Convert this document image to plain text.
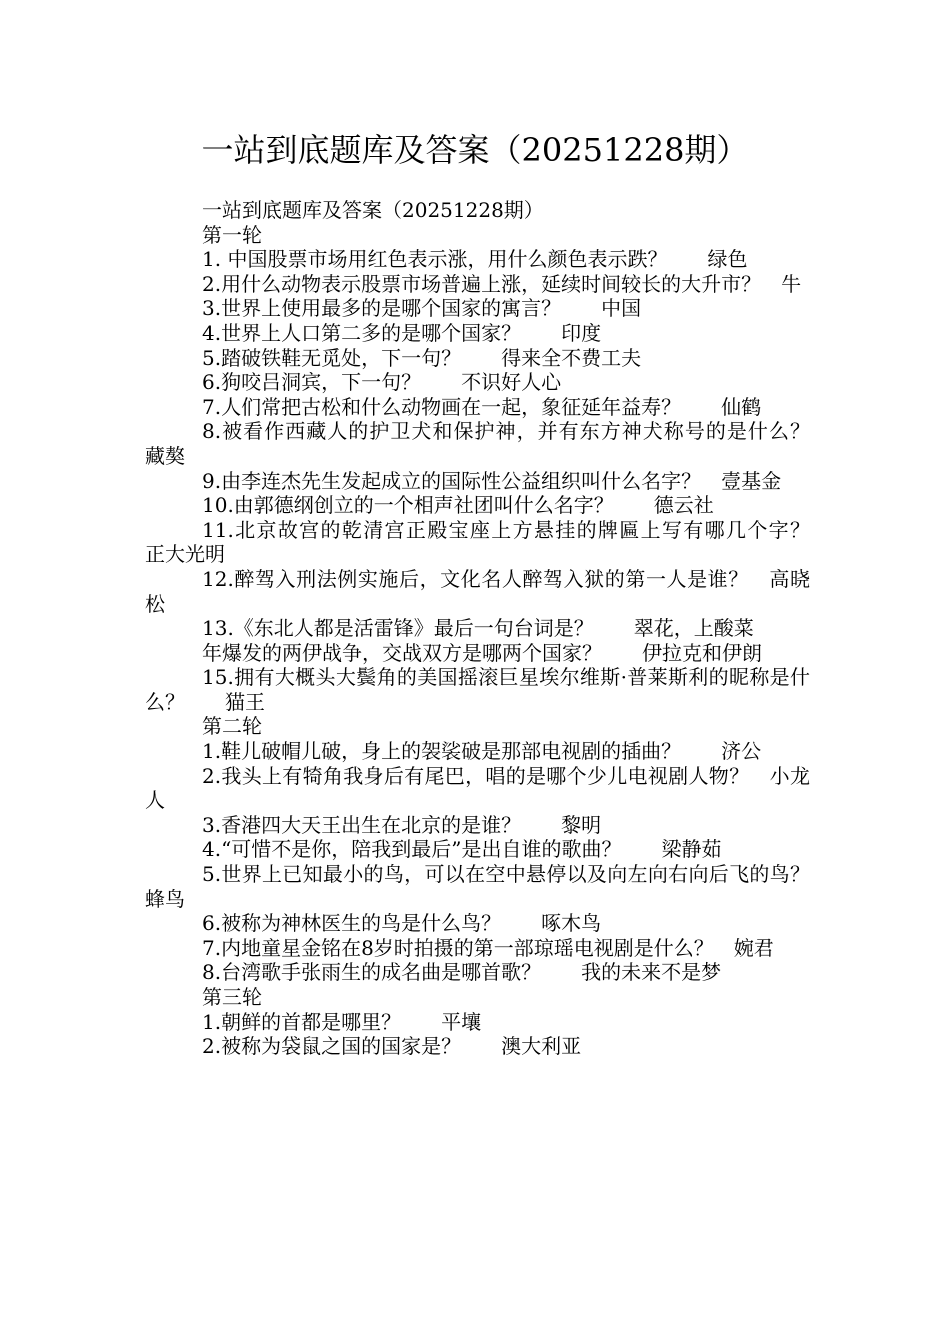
一站到底题库及答案（20251228期）

一站到底题库及答案（20251228期）

第一轮

1. 中国股票市场用红色表示涨，用什么颜色表示跌？　　绿色

2.用什么动物表示股票市场普遍上涨，延续时间较长的大升市？　牛

3.世界上使用最多的是哪个国家的寓言？　　中国

4.世界上人口第二多的是哪个国家？　　印度

5.踏破铁鞋无觅处，下一句？　　得来全不费工夫

6.狗咬吕洞宾，下一句？　　不识好人心

7.人们常把古松和什么动物画在一起，象征延年益寿？　　仙鹤

8.被看作西藏人的护卫犬和保护神，并有东方神犬称号的是什么？　　藏獒

9.由李连杰先生发起成立的国际性公益组织叫什么名字？　壹基金

10.由郭德纲创立的一个相声社团叫什么名字？　　德云社

11.北京故宫的乾清宫正殿宝座上方悬挂的牌匾上写有哪几个字？　　正大光明

12.醉驾入刑法例实施后，文化名人醉驾入狱的第一人是谁？　高晓松

13.《东北人都是活雷锋》最后一句台词是？　　翠花，上酸菜

年爆发的两伊战争，交战双方是哪两个国家？　　伊拉克和伊朗

15.拥有大概头大鬓角的美国摇滚巨星埃尔维斯·普莱斯利的昵称是什么？　　猫王

第二轮

1.鞋儿破帽儿破，身上的袈裟破是那部电视剧的插曲？　　济公

2.我头上有犄角我身后有尾巴，唱的是哪个少儿电视剧人物？　小龙人

3.香港四大天王出生在北京的是谁？　　黎明

4.“可惜不是你，陪我到最后”是出自谁的歌曲？　　梁静茹

5.世界上已知最小的鸟，可以在空中悬停以及向左向右向后飞的鸟？　　蜂鸟

6.被称为神林医生的鸟是什么鸟？　　啄木鸟

7.内地童星金铭在8岁时拍摄的第一部琼瑶电视剧是什么？　婉君

8.台湾歌手张雨生的成名曲是哪首歌？　　我的未来不是梦

第三轮

1.朝鲜的首都是哪里？　　平壤

2.被称为袋鼠之国的国家是？　　澳大利亚
